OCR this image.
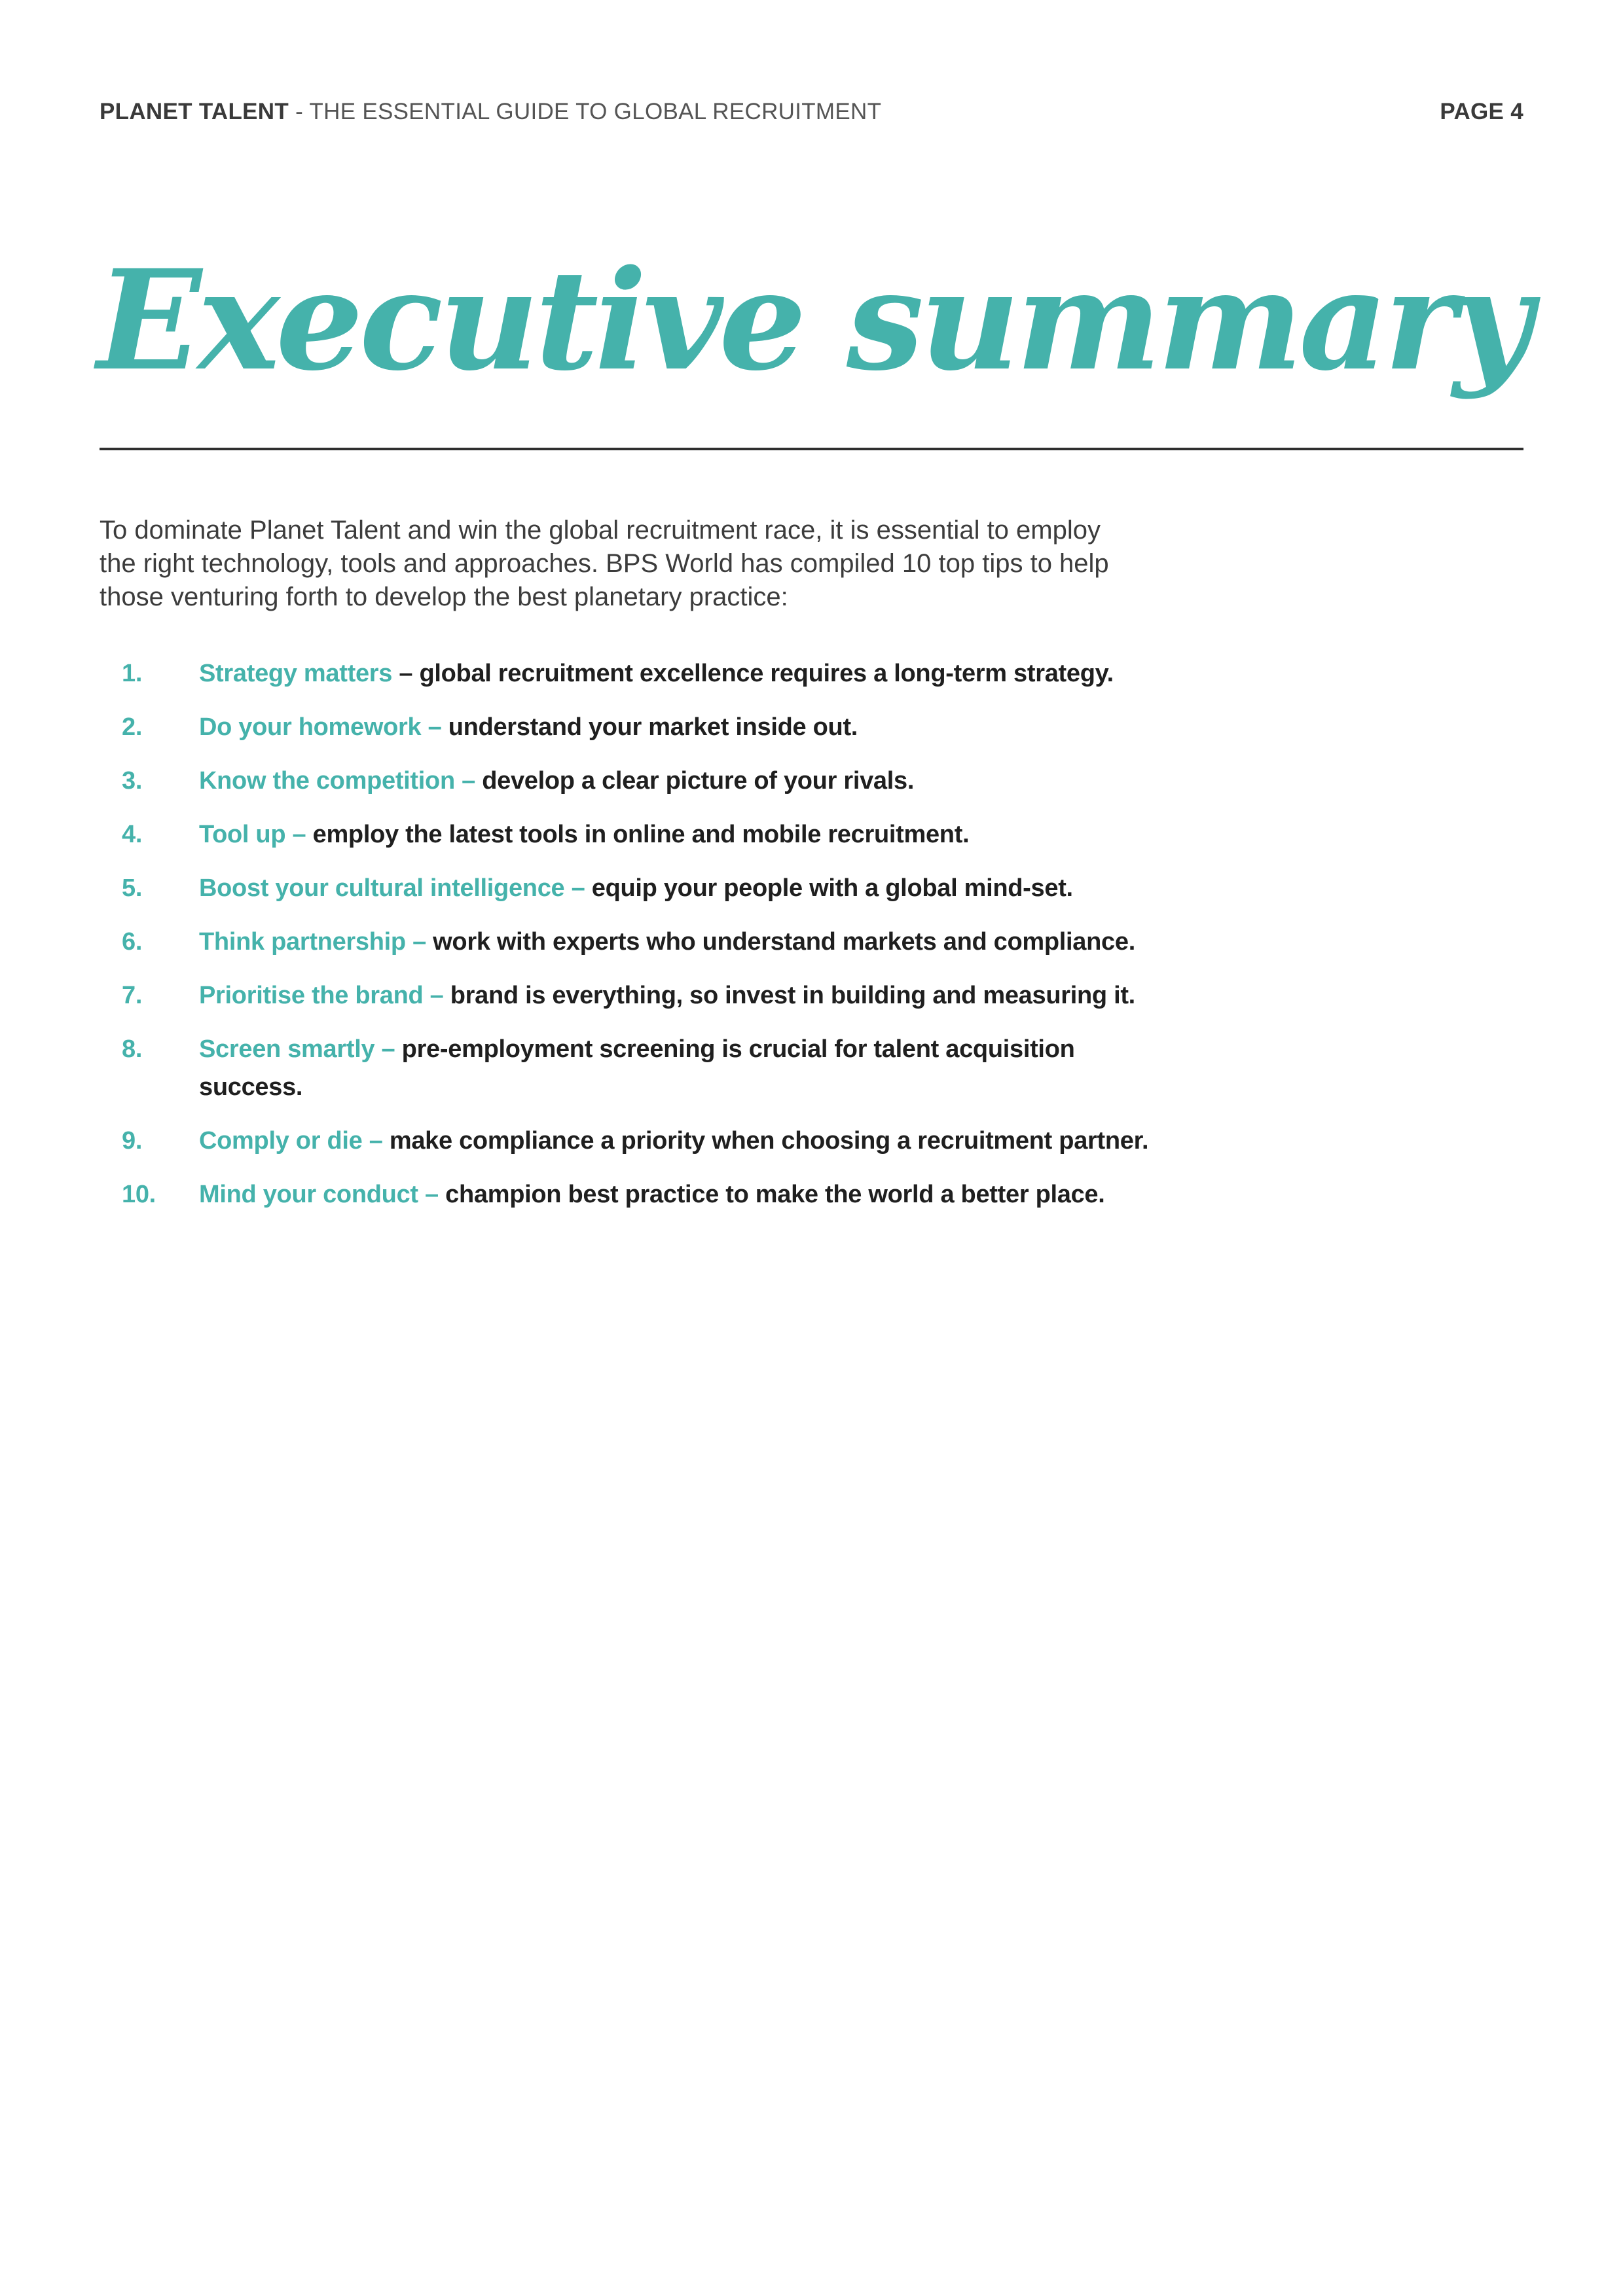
PLANET TALENT - THE ESSENTIAL GUIDE TO GLOBAL RECRUITMENT	PAGE 4
Executive summary

To dominate Planet Talent and win the global recruitment race, it is essential to employ the right technology, tools and approaches. BPS World has compiled 10 top tips to help those venturing forth to develop the best planetary practice:

1. Strategy matters – global recruitment excellence requires a long-term strategy.
2. Do your homework – understand your market inside out.
3. Know the competition – develop a clear picture of your rivals.
4. Tool up – employ the latest tools in online and mobile recruitment.
5. Boost your cultural intelligence – equip your people with a global mind-set.
6. Think partnership – work with experts who understand markets and compliance.
7. Prioritise the brand – brand is everything, so invest in building and measuring it.
8. Screen smartly – pre-employment screening is crucial for talent acquisition success.
9. Comply or die – make compliance a priority when choosing a recruitment partner.
10. Mind your conduct – champion best practice to make the world a better place.
